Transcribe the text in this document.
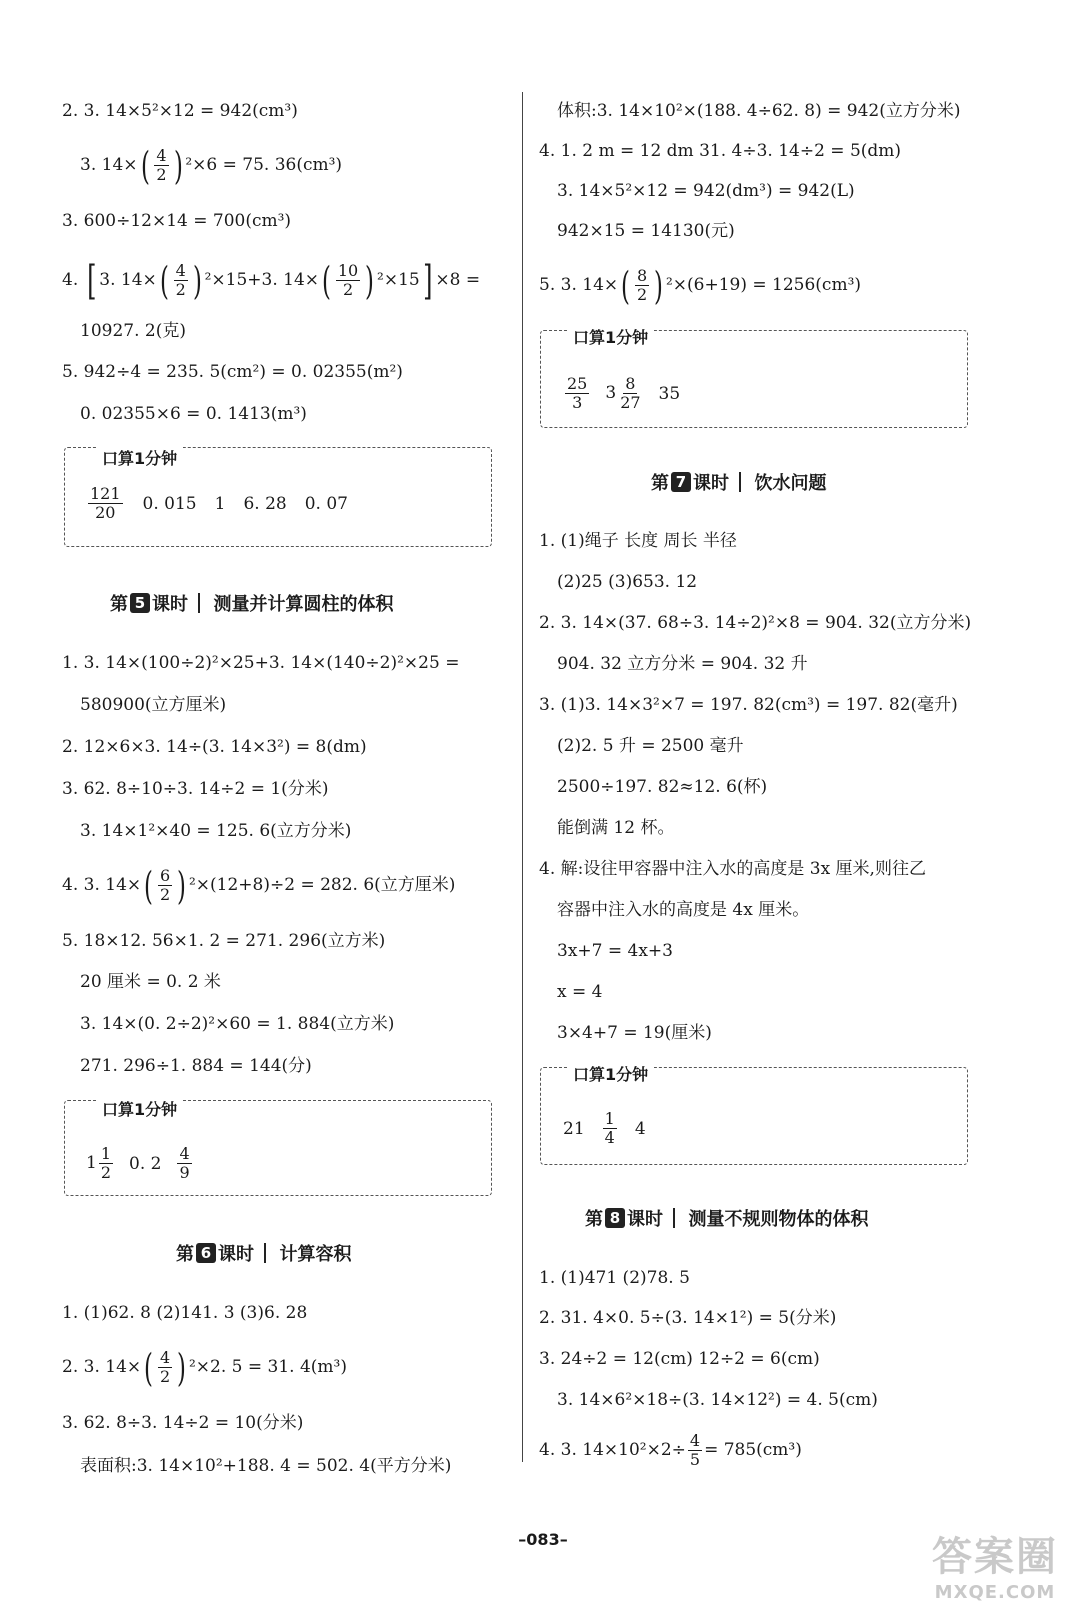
2. 3. 14×5²×12 = 942(cm³)
3. $14\times( \frac{4}{2}$ ) ²×6 = 75. 36(cm³)
3. 600÷12×14 = 700(cm³)
4. [ 3. $14\times( \frac{4}{2}$ ) ²×15+3. $14\times( \frac{10}{2}$ ) ²×15] ×8 =
10927. 2(克)
5. 942÷4 = 235. 5(cm²) = 0. 02355(m²)
0. 02355×6 = 0. 1413(m³)
口算1分钟
121
20 0. 015 1 6. 28 0. 07
第 5 课时 测量并计算圆柱的体积
1. 3. 14×(100÷2)²×25+3. 14×(140÷2)²×25 =
580900(立方厘米)
2. 12×6×3. 14÷(3. 14×3²) = 8(dm)
3. 62. 8÷10÷3. 14÷2 = 1(分米)
3. 14×1²×40 = 125. 6(立方分米)
4. 3. $14\times( \frac{6}{2}$ ) ²×(12+8)÷2 = 282. 6(立方厘米)
5. 18×12. 56×1. 2 = 271. 296(立方米)
20 厘米 = 0. 2 米
3. 14×(0. 2÷2)²×60 = 1. 884(立方米)
271. 296÷1. 884 = 144(分)
口算1分钟
$1 \frac{1}{2} 0$. 2 4
9
第 6 课时 计算容积
1. (1)62. 8 (2)141. 3 (3)6. 28
2. 3. $14\times( \frac{4}{2}$ ) ²×2. 5 = 31. 4(m³)
3. 62. 8÷3. 14÷2 = 10(分米)
表面积:3. 14×10²+188. 4 = 502. 4(平方分米)
体积:3. 14×10²×(188. 4÷62. 8) = 942(立方分米)
4. 1. 2 m = 12 dm 31. 4÷3. 14÷2 = 5(dm)
3. 14×5²×12 = 942(dm³) = 942(L)
942×15 = 14130(元)
5. 3. $14\times( \frac{8}{2}$ ) ²×(6+19) = 1256(cm³)
口算1分钟
25
3 $3 \frac{8}{27} 35$
第 7 课时 饮水问题
1. (1)绳子 长度 周长 半径
(2)25 (3)653. 12
2. 3. 14×(37. 68÷3. 14÷2)²×8 = 904. 32(立方分米)
904. 32 立方分米 = 904. 32 升
3. (1)3. 14×3²×7 = 197. 82(cm³) = 197. 82(毫升)
(2)2. 5 升 = 2500 毫升
2500÷197. 82≈12. 6(杯)
能倒满 12 杯。
4. 解:设往甲容器中注入水的高度是 3x 厘米,则往乙
容器中注入水的高度是 4x 厘米。
3x+7 = 4x+3
x = 4
3×4+7 = 19(厘米)
口算1分钟
21 1
4 4
第 8 课时 测量不规则物体的体积
1. (1)471 (2)78. 5
2. 31. 4×0. 5÷(3. 14×1²) = 5(分米)
3. 24÷2 = 12(cm) 12÷2 = 6(cm)
3. 14×6²×18÷(3. 14×12²) = 4. 5(cm)
4. 3. $14\times 10^2\times 2\div \frac{4}{5} = 785(cm^3)$
–083–	答案圈
MXQE.COM
